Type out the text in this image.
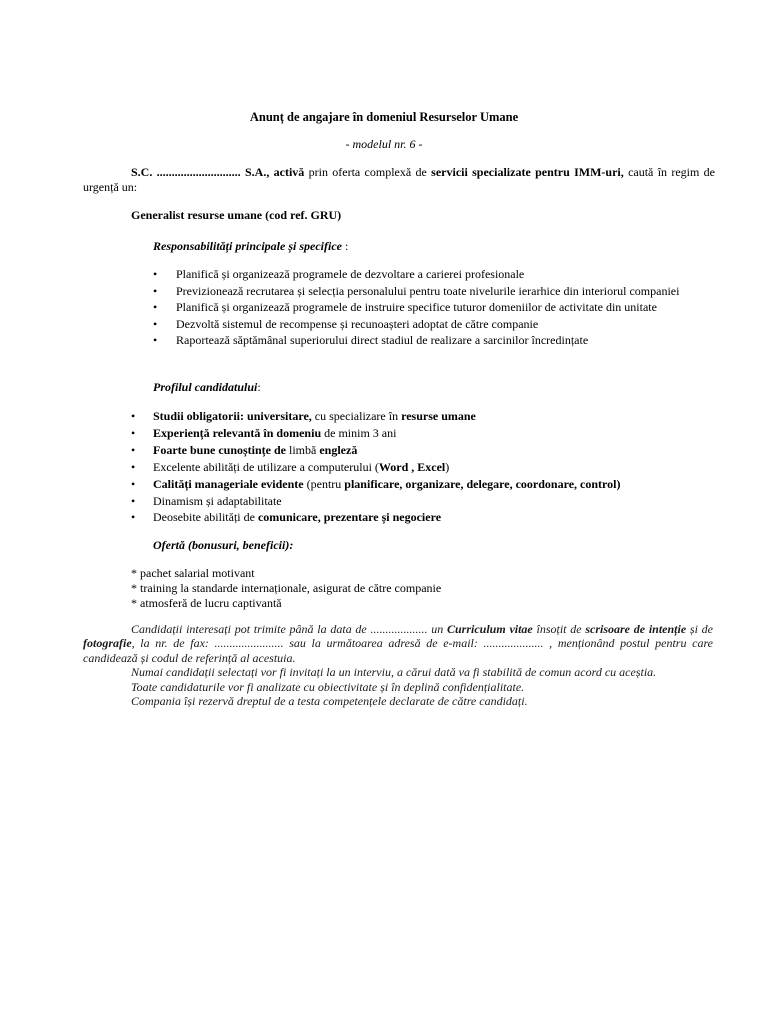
Anunț de angajare în domeniul Resurselor Umane
- modelul nr. 6 -
S.C. ............................ S.A., activă prin oferta complexă de servicii specializate pentru IMM-uri, caută în regim de urgență un:
Generalist resurse umane (cod ref. GRU)
Responsabilități principale și specifice :
• Planifică și organizează programele de dezvoltare a carierei profesionale
• Previzionează recrutarea și selecția personalului pentru toate nivelurile ierarhice din interiorul companiei
• Planifică și organizează programele de instruire specifice tuturor domeniilor de activitate din unitate
• Dezvoltă sistemul de recompense și recunoașteri adoptat de către companie
• Raportează săptămânal superiorului direct stadiul de realizare a sarcinilor încredințate
Profilul candidatului:
• Studii obligatorii: universitare, cu specializare în resurse umane
• Experiență relevantă în domeniu de minim 3 ani
• Foarte bune cunoștințe de limbă engleză
• Excelente abilități de utilizare a computerului (Word , Excel)
• Calități manageriale evidente (pentru planificare, organizare, delegare, coordonare, control)
• Dinamism și adaptabilitate
• Deosebite abilități de comunicare, prezentare și negociere
Ofertă (bonusuri, beneficii):
* pachet salarial motivant
* training la standarde internaționale, asigurat de către companie
* atmosferă de lucru captivantă
Candidații interesați pot trimite până la data de ................... un Curriculum vitae însoțit de scrisoare de intenție și de fotografie, la nr. de fax: ....................... sau la următoarea adresă de e-mail: .................... , menționând postul pentru care candidează și codul de referință al acestuia.
Numai candidații selectați vor fi invitați la un interviu, a cărui dată va fi stabilită de comun acord cu aceștia.
Toate candidaturile vor fi analizate cu obiectivitate și în deplină confidențialitate.
Compania își rezervă dreptul de a testa competențele declarate de către candidați.
